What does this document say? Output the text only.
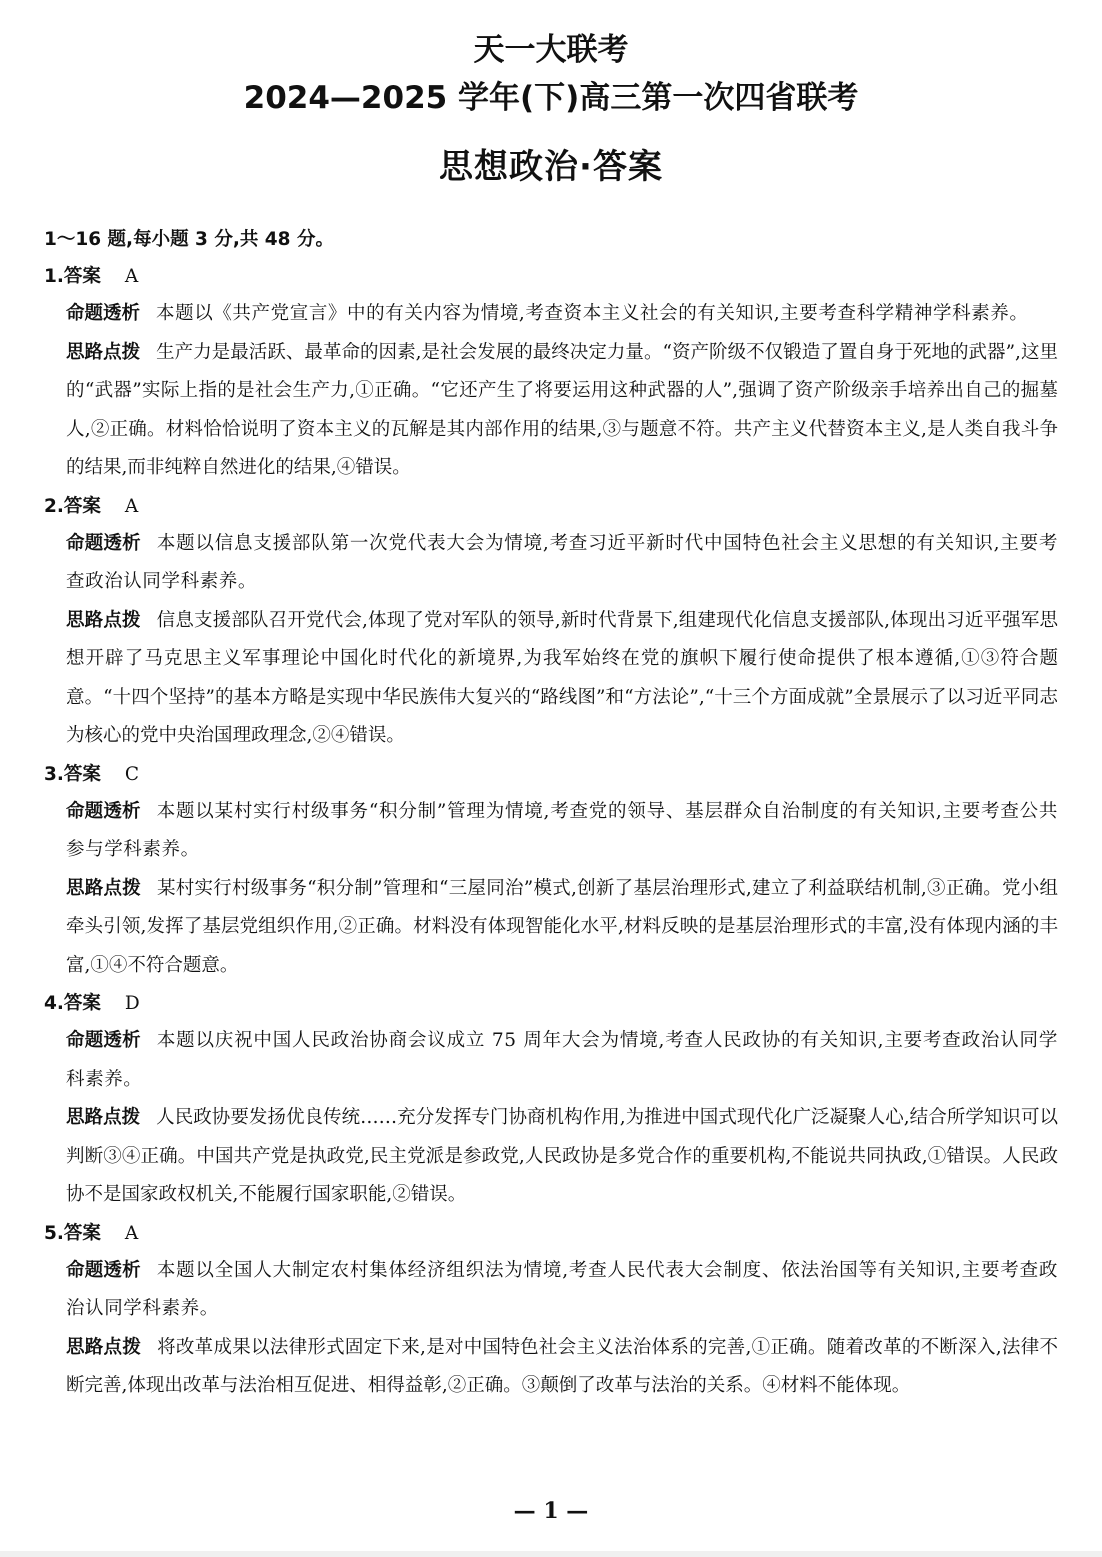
天一大联考
2024—2025 学年(下)高三第一次四省联考
思想政治·答案
1～16 题,每小题 3 分,共 48 分。
1.答案 A

命题透析 本题以《共产党宣言》中的有关内容为情境,考查资本主义社会的有关知识,主要考查科学精神学科素养。

思路点拨 生产力是最活跃、最革命的因素,是社会发展的最终决定力量。“资产阶级不仅锻造了置自身于死地的武器”,这里的“武器”实际上指的是社会生产力,①正确。“它还产生了将要运用这种武器的人”,强调了资产阶级亲手培养出自己的掘墓人,②正确。材料恰恰说明了资本主义的瓦解是其内部作用的结果,③与题意不符。共产主义代替资本主义,是人类自我斗争的结果,而非纯粹自然进化的结果,④错误。

2.答案 A

命题透析 本题以信息支援部队第一次党代表大会为情境,考查习近平新时代中国特色社会主义思想的有关知识,主要考查政治认同学科素养。

思路点拨 信息支援部队召开党代会,体现了党对军队的领导,新时代背景下,组建现代化信息支援部队,体现出习近平强军思想开辟了马克思主义军事理论中国化时代化的新境界,为我军始终在党的旗帜下履行使命提供了根本遵循,①③符合题意。“十四个坚持”的基本方略是实现中华民族伟大复兴的“路线图”和“方法论”,“十三个方面成就”全景展示了以习近平同志为核心的党中央治国理政理念,②④错误。

3.答案 C

命题透析 本题以某村实行村级事务“积分制”管理为情境,考查党的领导、基层群众自治制度的有关知识,主要考查公共参与学科素养。

思路点拨 某村实行村级事务“积分制”管理和“三屋同治”模式,创新了基层治理形式,建立了利益联结机制,③正确。党小组牵头引领,发挥了基层党组织作用,②正确。材料没有体现智能化水平,材料反映的是基层治理形式的丰富,没有体现内涵的丰富,①④不符合题意。

4.答案 D

命题透析 本题以庆祝中国人民政治协商会议成立 75 周年大会为情境,考查人民政协的有关知识,主要考查政治认同学科素养。

思路点拨 人民政协要发扬优良传统……充分发挥专门协商机构作用,为推进中国式现代化广泛凝聚人心,结合所学知识可以判断③④正确。中国共产党是执政党,民主党派是参政党,人民政协是多党合作的重要机构,不能说共同执政,①错误。人民政协不是国家政权机关,不能履行国家职能,②错误。

5.答案 A

命题透析 本题以全国人大制定农村集体经济组织法为情境,考查人民代表大会制度、依法治国等有关知识,主要考查政治认同学科素养。

思路点拨 将改革成果以法律形式固定下来,是对中国特色社会主义法治体系的完善,①正确。随着改革的不断深入,法律不断完善,体现出改革与法治相互促进、相得益彰,②正确。③颠倒了改革与法治的关系。④材料不能体现。

— 1 —
